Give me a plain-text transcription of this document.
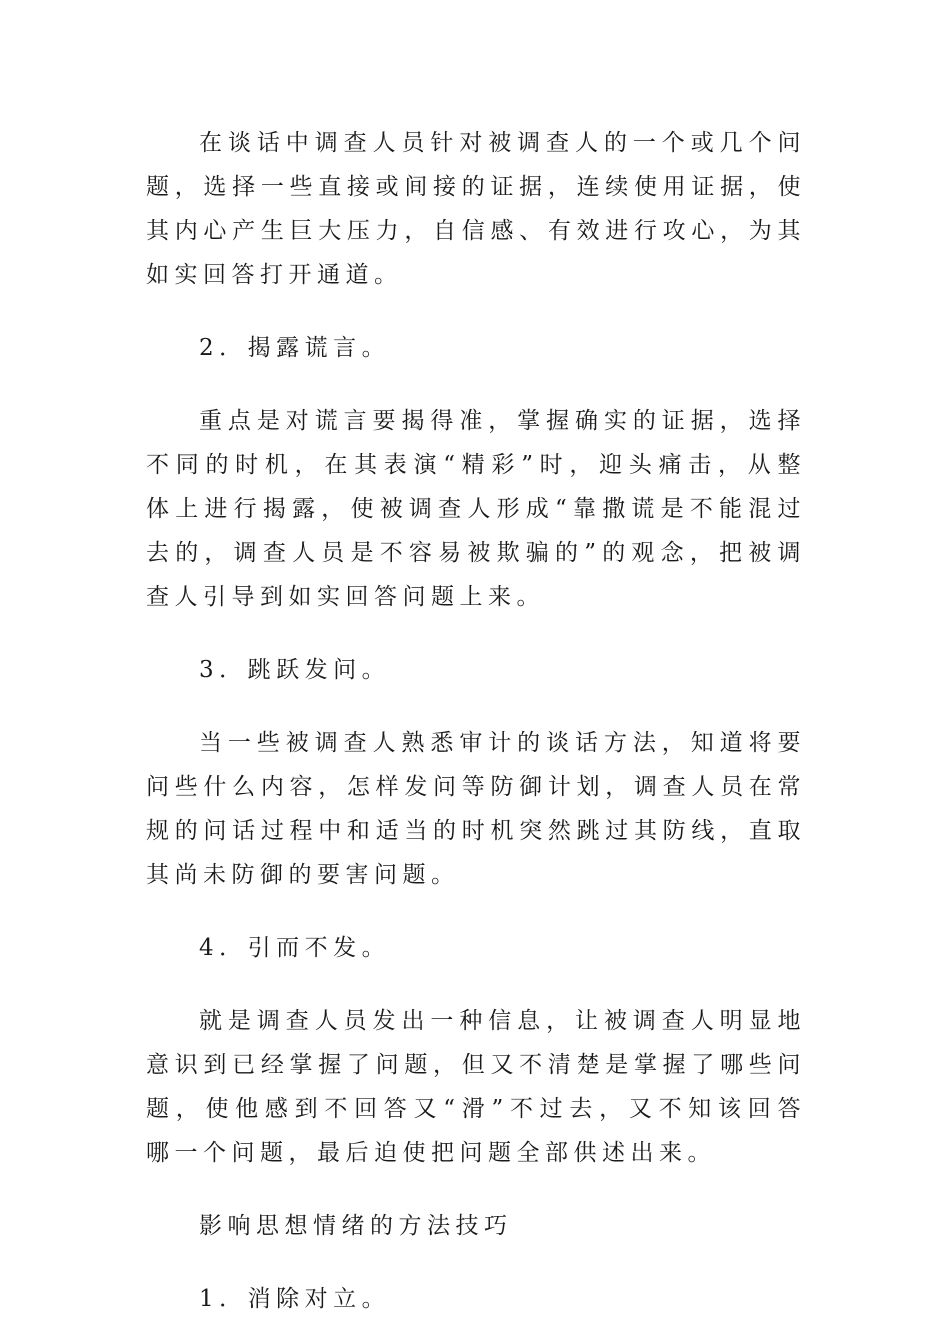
在谈话中调查人员针对被调查人的一个或几个问题，选择一些直接或间接的证据，连续使用证据，使其内心产生巨大压力，自信感、有效进行攻心，为其如实回答打开通道。

2．揭露谎言。

重点是对谎言要揭得准，掌握确实的证据，选择不同的时机，在其表演“精彩”时，迎头痛击，从整体上进行揭露，使被调查人形成“靠撒谎是不能混过去的，调查人员是不容易被欺骗的”的观念，把被调查人引导到如实回答问题上来。

3．跳跃发问。

当一些被调查人熟悉审计的谈话方法，知道将要问些什么内容，怎样发问等防御计划，调查人员在常规的问话过程中和适当的时机突然跳过其防线，直取其尚未防御的要害问题。

4．引而不发。

就是调查人员发出一种信息，让被调查人明显地意识到已经掌握了问题，但又不清楚是掌握了哪些问题，使他感到不回答又“滑”不过去，又不知该回答哪一个问题，最后迫使把问题全部供述出来。

影响思想情绪的方法技巧

1．消除对立。
